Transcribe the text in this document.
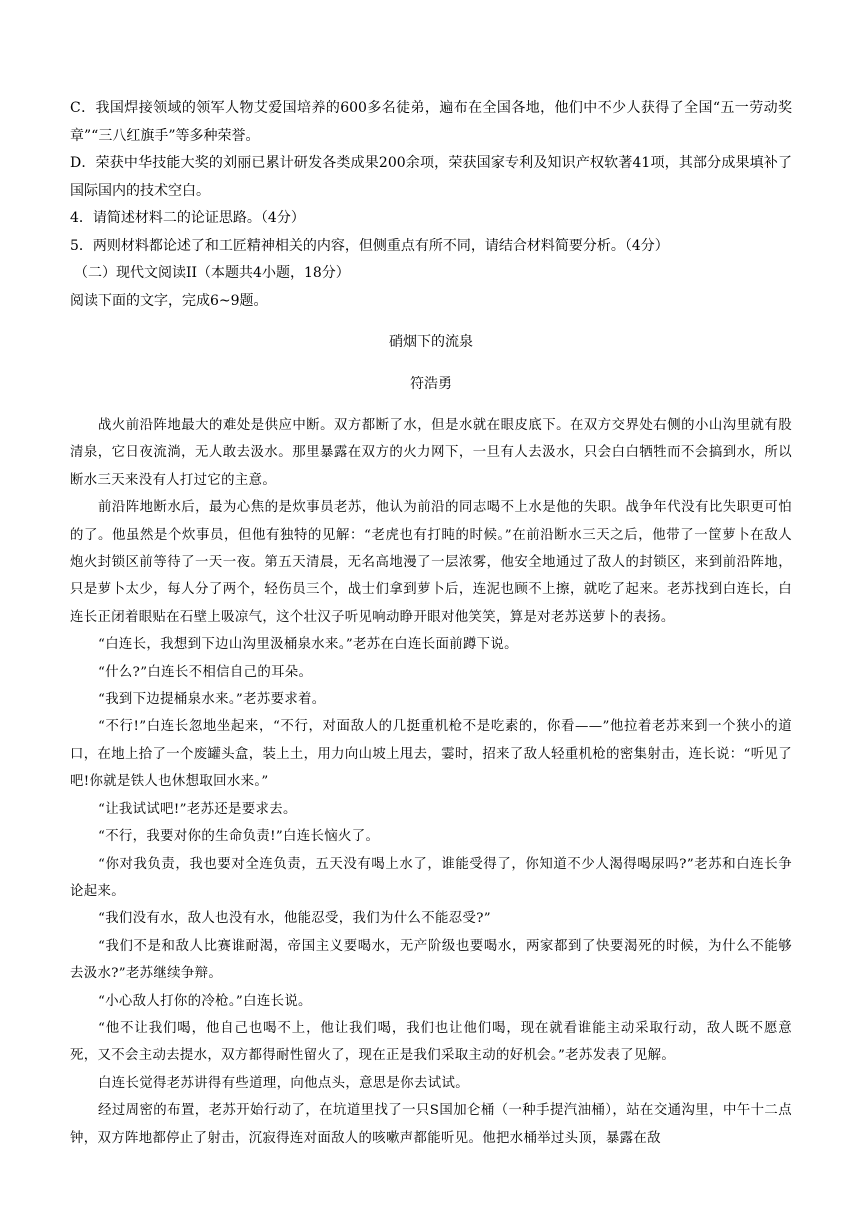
C．我国焊接领域的领军人物艾爱国培养的600多名徒弟，遍布在全国各地，他们中不少人获得了全国“五一劳动奖章”“三八红旗手”等多种荣誉。

D．荣获中华技能大奖的刘丽已累计研发各类成果200余项，荣获国家专利及知识产权软著41项，其部分成果填补了国际国内的技术空白。

4．请简述材料二的论证思路。（4分）

5．两则材料都论述了和工匠精神相关的内容，但侧重点有所不同，请结合材料简要分析。（4分）

（二）现代文阅读II（本题共4小题，18分）

阅读下面的文字，完成6~9题。

硝烟下的流泉

符浩勇

战火前沿阵地最大的难处是供应中断。双方都断了水，但是水就在眼皮底下。在双方交界处右侧的小山沟里就有股清泉，它日夜流淌，无人敢去汲水。那里暴露在双方的火力网下，一旦有人去汲水，只会白白牺牲而不会搞到水，所以断水三天来没有人打过它的主意。

前沿阵地断水后，最为心焦的是炊事员老苏，他认为前沿的同志喝不上水是他的失职。战争年代没有比失职更可怕的了。他虽然是个炊事员，但他有独特的见解：“老虎也有打盹的时候。”在前沿断水三天之后，他带了一筐萝卜在敌人炮火封锁区前等待了一天一夜。第五天清晨，无名高地漫了一层浓雾，他安全地通过了敌人的封锁区，来到前沿阵地，只是萝卜太少，每人分了两个，轻伤员三个，战士们拿到萝卜后，连泥也顾不上擦，就吃了起来。老苏找到白连长，白连长正闭着眼贴在石壁上吸凉气，这个壮汉子听见响动睁开眼对他笑笑，算是对老苏送萝卜的表扬。

“白连长，我想到下边山沟里汲桶泉水来。”老苏在白连长面前蹲下说。

“什么?”白连长不相信自己的耳朵。

“我到下边提桶泉水来。”老苏要求着。

“不行!”白连长忽地坐起来，“不行，对面敌人的几挺重机枪不是吃素的，你看——”他拉着老苏来到一个狭小的道口，在地上拾了一个废罐头盒，装上土，用力向山坡上甩去，霎时，招来了敌人轻重机枪的密集射击，连长说：“听见了吧!你就是铁人也休想取回水来。”

“让我试试吧!”老苏还是要求去。

“不行，我要对你的生命负责!”白连长恼火了。

“你对我负责，我也要对全连负责，五天没有喝上水了，谁能受得了，你知道不少人渴得喝尿吗?”老苏和白连长争论起来。

“我们没有水，敌人也没有水，他能忍受，我们为什么不能忍受?”

“我们不是和敌人比赛谁耐渴，帝国主义要喝水，无产阶级也要喝水，两家都到了快要渴死的时候，为什么不能够去汲水?”老苏继续争辩。

“小心敌人打你的冷枪。”白连长说。

“他不让我们喝，他自己也喝不上，他让我们喝，我们也让他们喝，现在就看谁能主动采取行动，敌人既不愿意死，又不会主动去提水，双方都得耐性留火了，现在正是我们采取主动的好机会。”老苏发表了见解。

白连长觉得老苏讲得有些道理，向他点头，意思是你去试试。

经过周密的布置，老苏开始行动了，在坑道里找了一只S国加仑桶（一种手提汽油桶），站在交通沟里，中午十二点钟，双方阵地都停止了射击，沉寂得连对面敌人的咳嗽声都能听见。他把水桶举过头顶，暴露在敌
